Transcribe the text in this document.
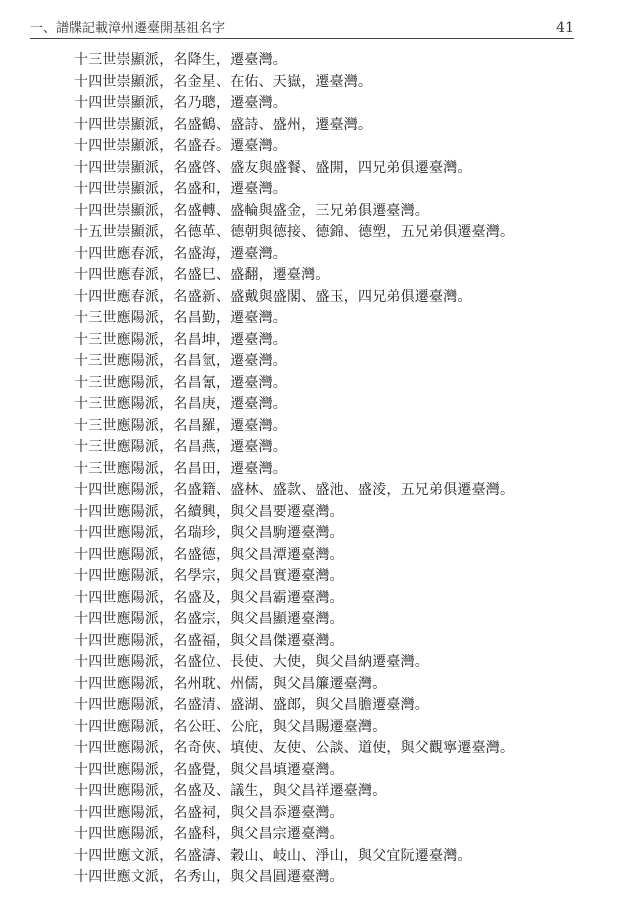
一、譜牒記載漳州遷臺開基祖名字	41
十三世崇顯派，名降生，遷臺灣。
十四世崇顯派，名金星、在佑、天嶽，遷臺灣。
十四世崇顯派，名乃聰，遷臺灣。
十四世崇顯派，名盛鶴、盛詩、盛州，遷臺灣。
十四世崇顯派，名盛吞。遷臺灣。
十四世崇顯派，名盛啓、盛友與盛餐、盛開，四兄弟俱遷臺灣。
十四世崇顯派，名盛和，遷臺灣。
十四世崇顯派，名盛轉、盛輪與盛金，三兄弟俱遷臺灣。
十五世崇顯派，名德革、德朝與德接、德錦、德塑，五兄弟俱遷臺灣。
十四世應春派，名盛海，遷臺灣。
十四世應春派，名盛巳、盛翻，遷臺灣。
十四世應春派，名盛新、盛戴與盛閣、盛玉，四兄弟俱遷臺灣。
十三世應陽派，名昌勤，遷臺灣。
十三世應陽派，名昌坤，遷臺灣。
十三世應陽派，名昌氫，遷臺灣。
十三世應陽派，名昌氰，遷臺灣。
十三世應陽派，名昌庚，遷臺灣。
十三世應陽派，名昌羅，遷臺灣。
十三世應陽派，名昌燕，遷臺灣。
十三世應陽派，名昌田，遷臺灣。
十四世應陽派，名盛籍、盛林、盛款、盛池、盛淩，五兄弟俱遷臺灣。
十四世應陽派，名續興，與父昌要遷臺灣。
十四世應陽派，名瑞珍，與父昌駒遷臺灣。
十四世應陽派，名盛德，與父昌潭遷臺灣。
十四世應陽派，名學宗，與父昌實遷臺灣。
十四世應陽派，名盛及，與父昌霸遷臺灣。
十四世應陽派，名盛宗，與父昌顯遷臺灣。
十四世應陽派，名盛福，與父昌傑遷臺灣。
十四世應陽派，名盛位、長使、大使，與父昌納遷臺灣。
十四世應陽派，名州耽、州儒，與父昌簾遷臺灣。
十四世應陽派，名盛清、盛湖、盛郎，與父昌膽遷臺灣。
十四世應陽派，名公旺、公庇，與父昌賜遷臺灣。
十四世應陽派，名奇俠、填使、友使、公談、道使，與父觀寧遷臺灣。
十四世應陽派，名盛覺，與父昌填遷臺灣。
十四世應陽派，名盛及、議生，與父昌祥遷臺灣。
十四世應陽派，名盛祠，與父昌忝遷臺灣。
十四世應陽派，名盛科，與父昌宗遷臺灣。
十四世應文派，名盛濤、穀山、岐山、淨山，與父宜阮遷臺灣。
十四世應文派，名秀山，與父昌圓遷臺灣。
